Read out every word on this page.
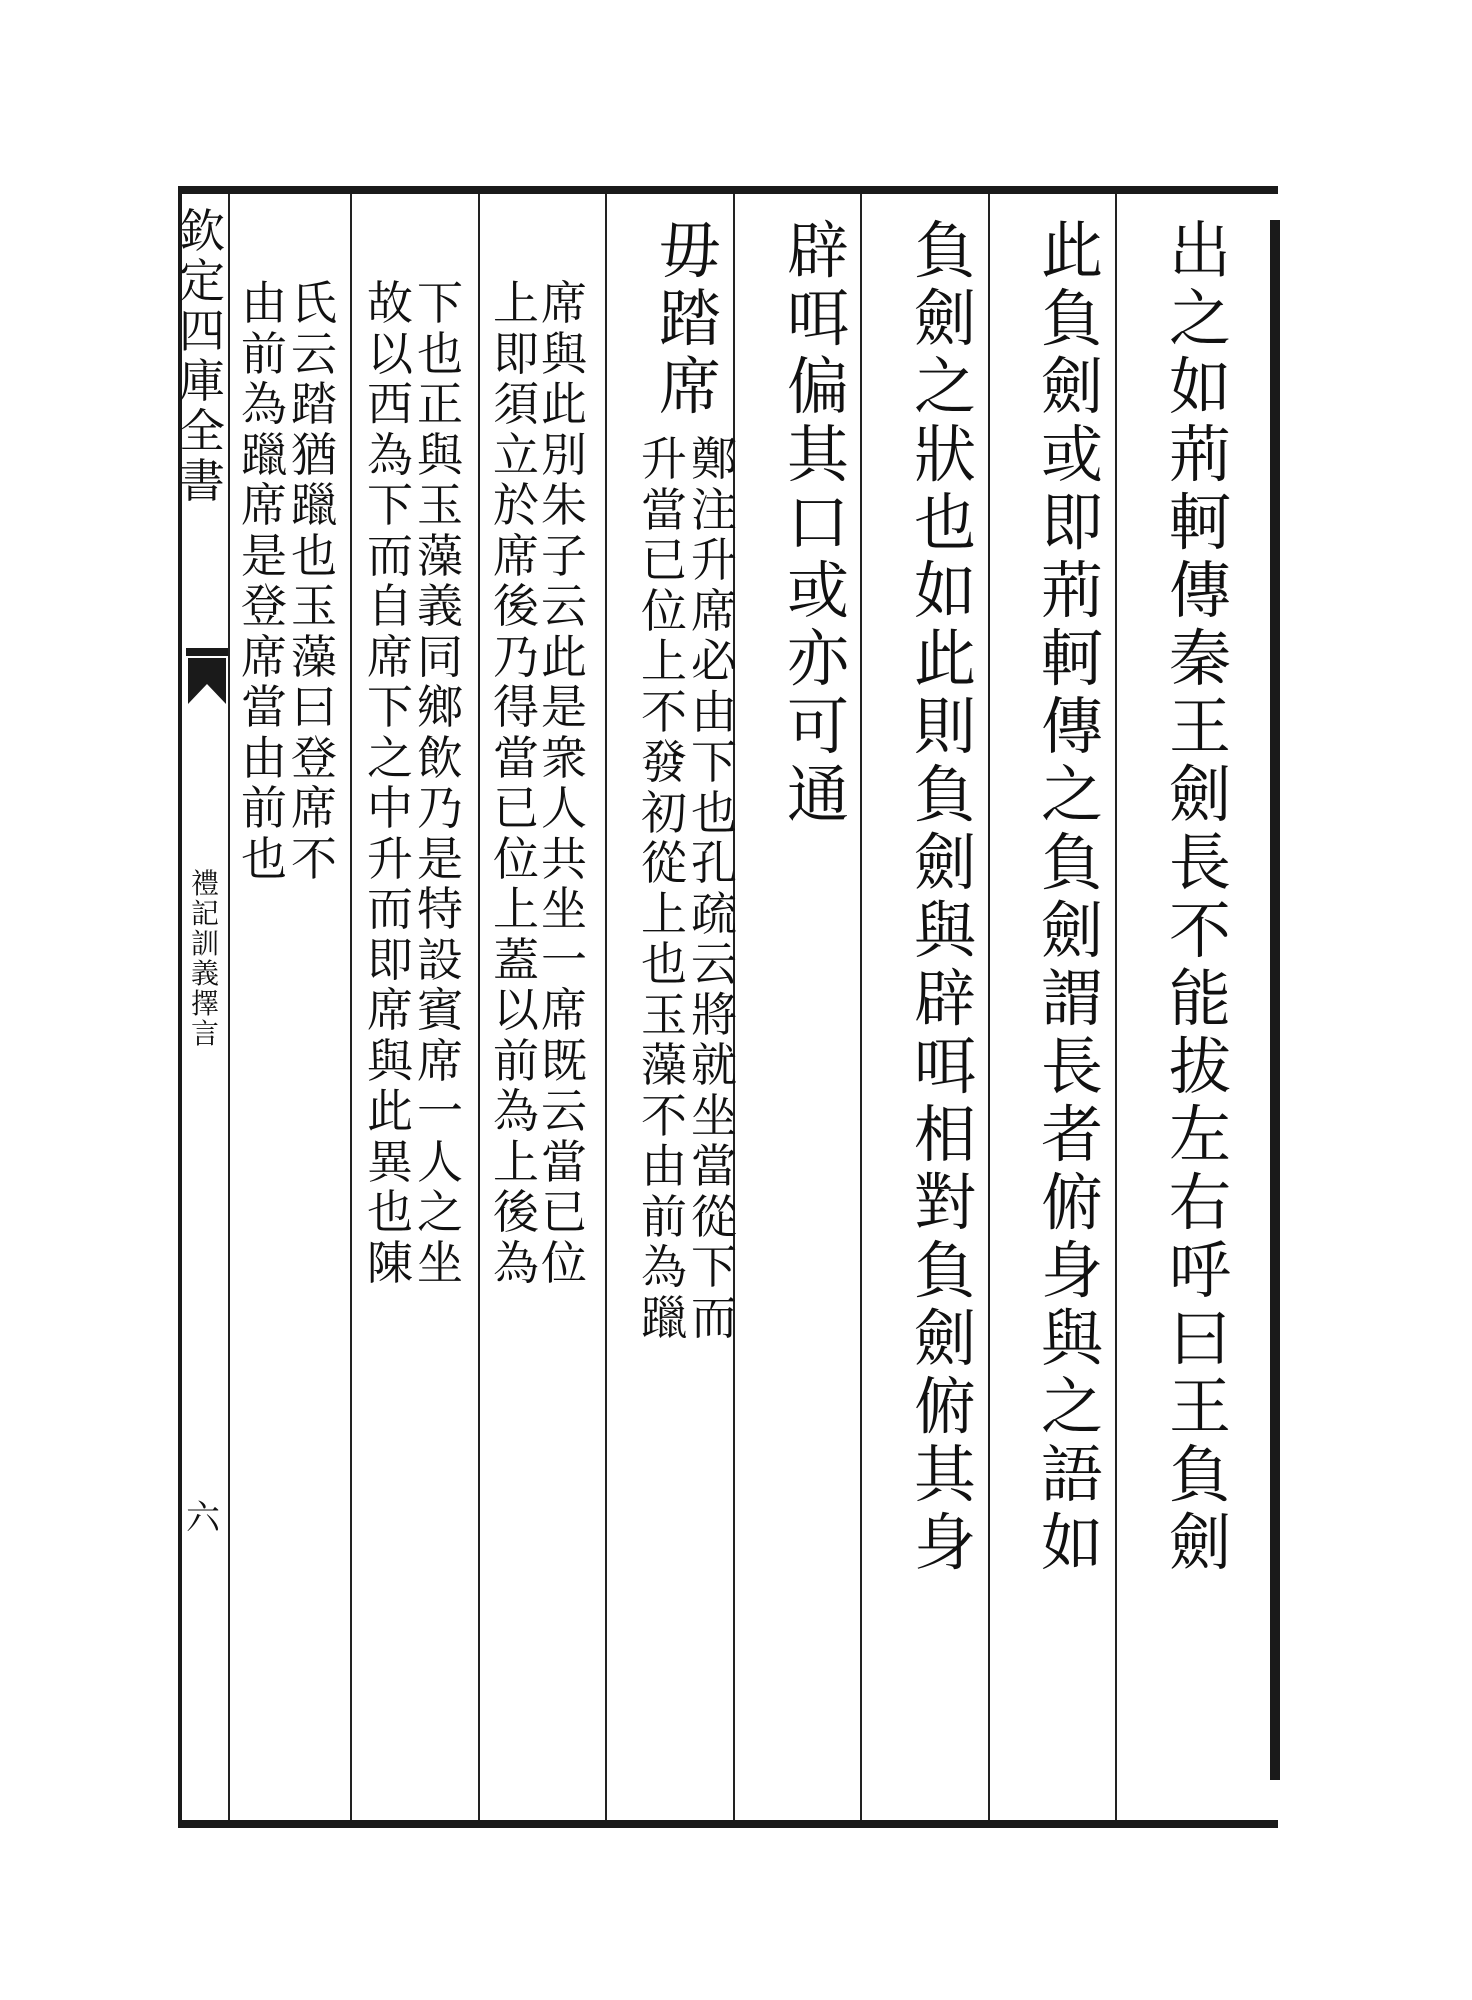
欽
定
四
庫
全
書
禮
記
訓
義
擇
言
六
出
之
如
荊
軻
傳
秦
王
劍
長
不
能
拔
左
右
呼
曰
王
負
劍
此
負
劍
或
即
荊
軻
傳
之
負
劍
謂
長
者
俯
身
與
之
語
如
負
劍
之
狀
也
如
此
則
負
劍
與
辟
咡
相
對
負
劍
俯
其
身
辟
咡
偏
其
口
或
亦
可
通
毋
踏
席
鄭
注
升
席
必
由
下
也
孔
疏
云
將
就
坐
當
從
下
而
升
當
已
位
上
不
發
初
從
上
也
玉
藻
不
由
前
為
躐
席
與
此
別
朱
子
云
此
是
衆
人
共
坐
一
席
既
云
當
已
位
上
即
須
立
於
席
後
乃
得
當
已
位
上
蓋
以
前
為
上
後
為
下
也
正
與
玉
藻
義
同
鄉
飲
乃
是
特
設
賓
席
一
人
之
坐
故
以
西
為
下
而
自
席
下
之
中
升
而
即
席
與
此
異
也
陳
氏
云
踏
猶
躐
也
玉
藻
曰
登
席
不
由
前
為
躐
席
是
登
席
當
由
前
也
